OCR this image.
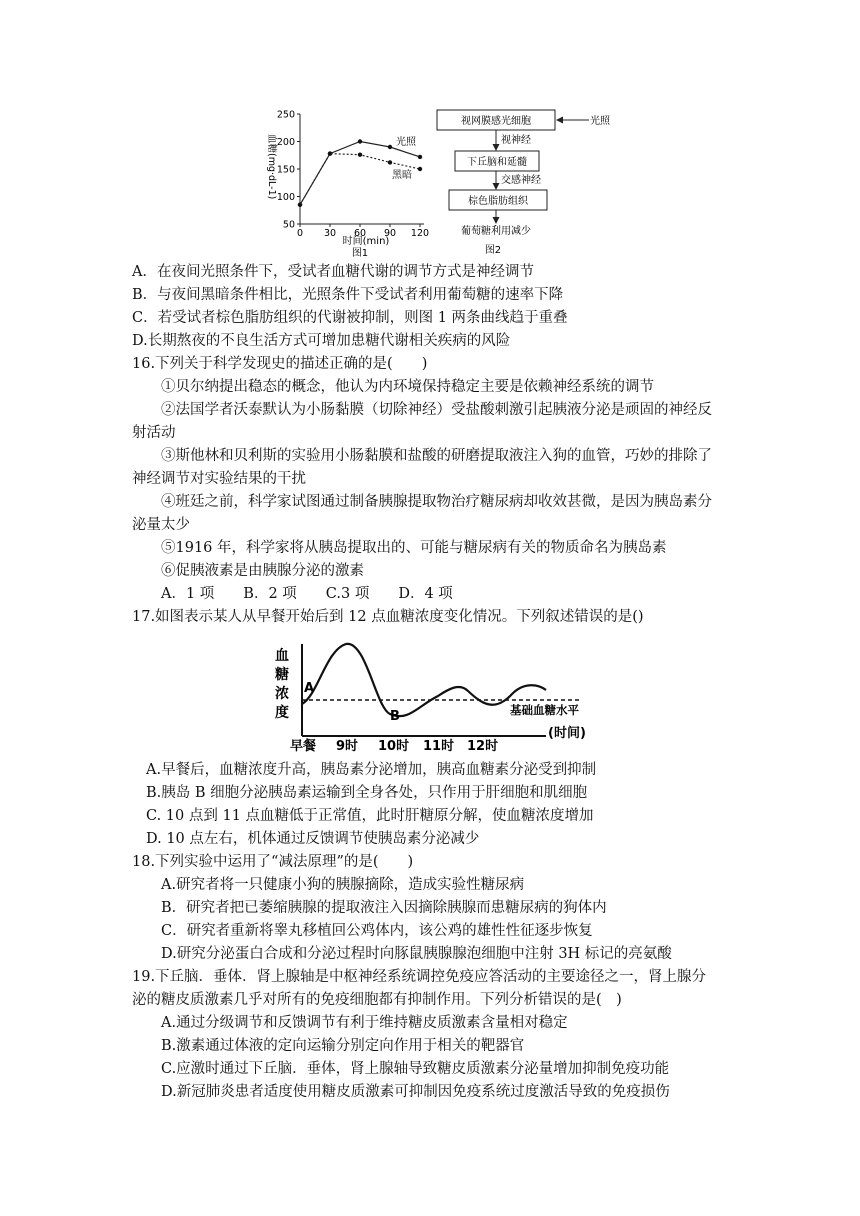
250
200
150
100
50
0 30 60 90 120
血糖(mg·dL-1)
时间(min)
图1
光照
黑暗
视网膜感光细胞	光照
视神经
下丘脑和延髓
交感神经
棕色脂肪组织
葡萄糖利用减少
图2
A．在夜间光照条件下，受试者血糖代谢的调节方式是神经调节
B．与夜间黑暗条件相比，光照条件下受试者利用葡萄糖的速率下降
C．若受试者棕色脂肪组织的代谢被抑制，则图 1 两条曲线趋于重叠
D.长期熬夜的不良生活方式可增加患糖代谢相关疾病的风险
16.下列关于科学发现史的描述正确的是(　　)
①贝尔纳提出稳态的概念，他认为内环境保持稳定主要是依赖神经系统的调节
②法国学者沃泰默认为小肠黏膜（切除神经）受盐酸刺激引起胰液分泌是顽固的神经反
射活动
③斯他林和贝利斯的实验用小肠黏膜和盐酸的研磨提取液注入狗的血管，巧妙的排除了
神经调节对实验结果的干扰
④班廷之前，科学家试图通过制备胰腺提取物治疗糖尿病却收效甚微，是因为胰岛素分
泌量太少
⑤1916 年，科学家将从胰岛提取出的、可能与糖尿病有关的物质命名为胰岛素
⑥促胰液素是由胰腺分泌的激素
A．1 项　　B．2 项　　C.3 项　　D．4 项
17.如图表示某人从早餐开始后到 12 点血糖浓度变化情况。下列叙述错误的是()
血
糖
浓
度
A
B	基础血糖水平
早餐 9时 10时 11时 12时
(时间)
A.早餐后，血糖浓度升高，胰岛素分泌增加，胰高血糖素分泌受到抑制
B.胰岛 B 细胞分泌胰岛素运输到全身各处，只作用于肝细胞和肌细胞
C. 10 点到 11 点血糖低于正常值，此时肝糖原分解，使血糖浓度增加
D. 10 点左右，机体通过反馈调节使胰岛素分泌减少
18.下列实验中运用了“减法原理”的是(　　)
A.研究者将一只健康小狗的胰腺摘除，造成实验性糖尿病
B．研究者把已萎缩胰腺的提取液注入因摘除胰腺而患糖尿病的狗体内
C．研究者重新将睾丸移植回公鸡体内，该公鸡的雄性性征逐步恢复
D.研究分泌蛋白合成和分泌过程时向豚鼠胰腺腺泡细胞中注射 3H 标记的亮氨酸
19.下丘脑．垂体．肾上腺轴是中枢神经系统调控免疫应答活动的主要途径之一，肾上腺分
泌的糖皮质激素几乎对所有的免疫细胞都有抑制作用。下列分析错误的是(　)
A.通过分级调节和反馈调节有利于维持糖皮质激素含量相对稳定
B.激素通过体液的定向运输分别定向作用于相关的靶器官
C.应激时通过下丘脑．垂体，肾上腺轴导致糖皮质激素分泌量增加抑制免疫功能
D.新冠肺炎患者适度使用糖皮质激素可抑制因免疫系统过度激活导致的免疫损伤
